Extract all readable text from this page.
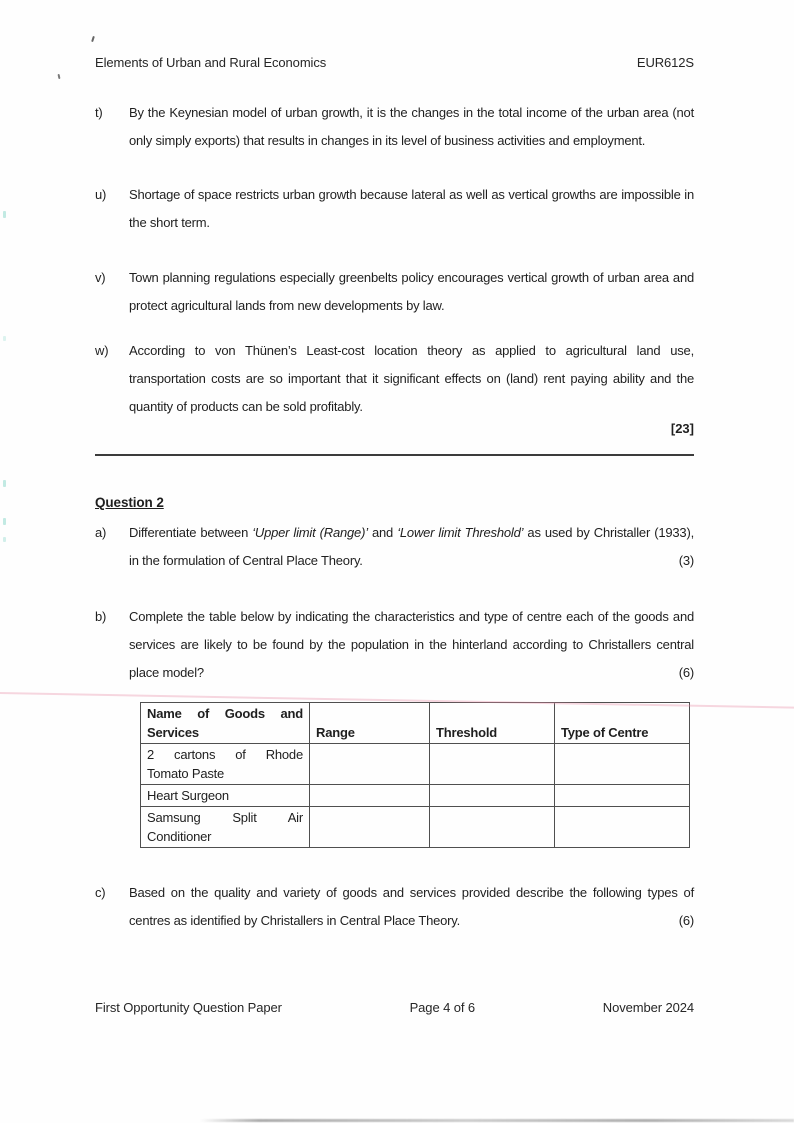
Elements of Urban and Rural Economics	EUR612S
t)	By the Keynesian model of urban growth, it is the changes in the total income of the urban area (not only simply exports) that results in changes in its level of business activities and employment.
u)	Shortage of space restricts urban growth because lateral as well as vertical growths are impossible in the short term.
v)	Town planning regulations especially greenbelts policy encourages vertical growth of urban area and protect agricultural lands from new developments by law.
w)	According to von Thünen’s Least-cost location theory as applied to agricultural land use, transportation costs are so important that it significant effects on (land) rent paying ability and the quantity of products can be sold profitably.
[23]
Question 2
a)	Differentiate between ‘Upper limit (Range)’ and ‘Lower limit Threshold’ as used by Christaller (1933), in the formulation of Central Place Theory.	(3)
b)	Complete the table below by indicating the characteristics and type of centre each of the goods and services are likely to be found by the population in the hinterland according to Christallers central place model?	(6)
Name of Goods and
Services	Range	Threshold	Type of Centre

2 cartons of Rhode
Tomato Paste			

Heart Surgeon			

Samsung Split Air
Conditioner			

c)	Based on the quality and variety of goods and services provided describe the following types of centres as identified by Christallers in Central Place Theory.	(6)
First Opportunity Question Paper	Page 4 of 6	November 2024
